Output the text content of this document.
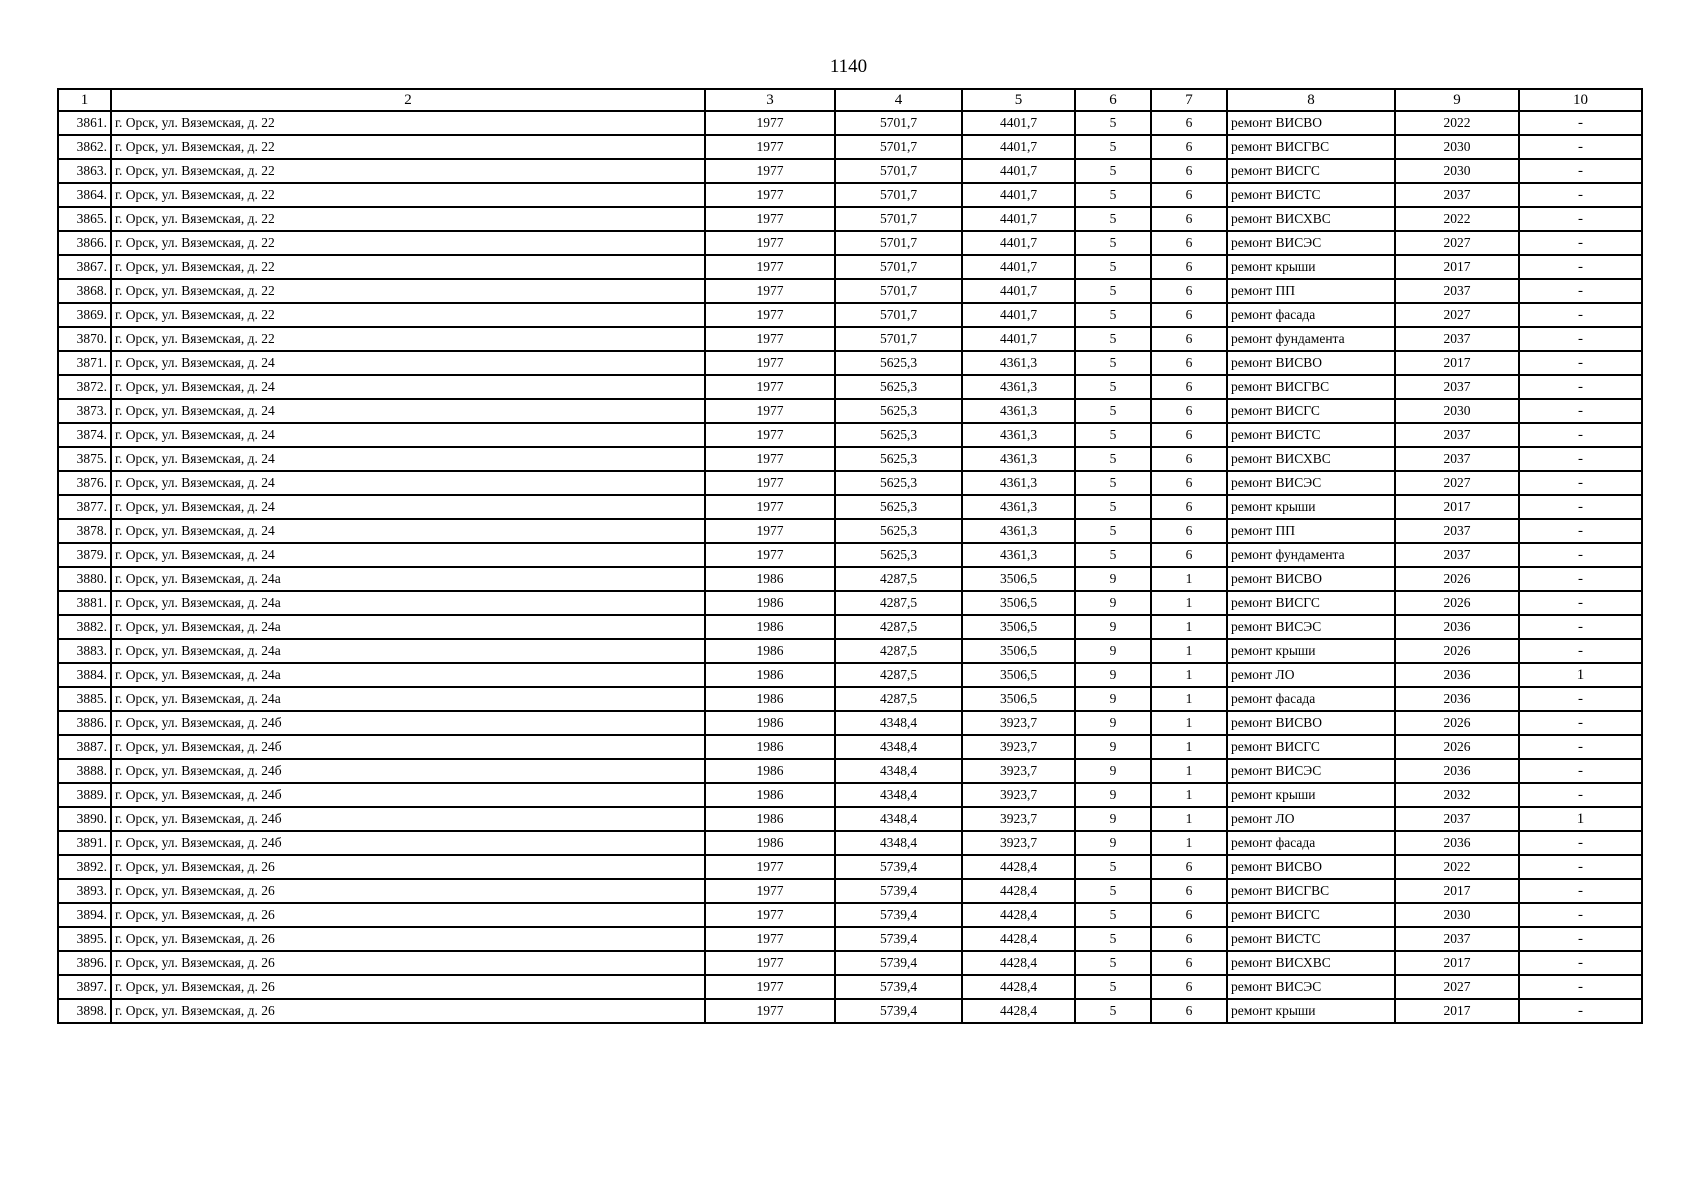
1140
1	2	3	4	5	6	7	8	9	10
3861.	г. Орск, ул. Вяземская, д. 22	1977	5701,7	4401,7	5	6	ремонт ВИСВО	2022	-
3862.	г. Орск, ул. Вяземская, д. 22	1977	5701,7	4401,7	5	6	ремонт ВИСГВС	2030	-
3863.	г. Орск, ул. Вяземская, д. 22	1977	5701,7	4401,7	5	6	ремонт ВИСГС	2030	-
3864.	г. Орск, ул. Вяземская, д. 22	1977	5701,7	4401,7	5	6	ремонт ВИСТС	2037	-
3865.	г. Орск, ул. Вяземская, д. 22	1977	5701,7	4401,7	5	6	ремонт ВИСХВС	2022	-
3866.	г. Орск, ул. Вяземская, д. 22	1977	5701,7	4401,7	5	6	ремонт ВИСЭС	2027	-
3867.	г. Орск, ул. Вяземская, д. 22	1977	5701,7	4401,7	5	6	ремонт крыши	2017	-
3868.	г. Орск, ул. Вяземская, д. 22	1977	5701,7	4401,7	5	6	ремонт ПП	2037	-
3869.	г. Орск, ул. Вяземская, д. 22	1977	5701,7	4401,7	5	6	ремонт фасада	2027	-
3870.	г. Орск, ул. Вяземская, д. 22	1977	5701,7	4401,7	5	6	ремонт фундамента	2037	-
3871.	г. Орск, ул. Вяземская, д. 24	1977	5625,3	4361,3	5	6	ремонт ВИСВО	2017	-
3872.	г. Орск, ул. Вяземская, д. 24	1977	5625,3	4361,3	5	6	ремонт ВИСГВС	2037	-
3873.	г. Орск, ул. Вяземская, д. 24	1977	5625,3	4361,3	5	6	ремонт ВИСГС	2030	-
3874.	г. Орск, ул. Вяземская, д. 24	1977	5625,3	4361,3	5	6	ремонт ВИСТС	2037	-
3875.	г. Орск, ул. Вяземская, д. 24	1977	5625,3	4361,3	5	6	ремонт ВИСХВС	2037	-
3876.	г. Орск, ул. Вяземская, д. 24	1977	5625,3	4361,3	5	6	ремонт ВИСЭС	2027	-
3877.	г. Орск, ул. Вяземская, д. 24	1977	5625,3	4361,3	5	6	ремонт крыши	2017	-
3878.	г. Орск, ул. Вяземская, д. 24	1977	5625,3	4361,3	5	6	ремонт ПП	2037	-
3879.	г. Орск, ул. Вяземская, д. 24	1977	5625,3	4361,3	5	6	ремонт фундамента	2037	-
3880.	г. Орск, ул. Вяземская, д. 24а	1986	4287,5	3506,5	9	1	ремонт ВИСВО	2026	-
3881.	г. Орск, ул. Вяземская, д. 24а	1986	4287,5	3506,5	9	1	ремонт ВИСГС	2026	-
3882.	г. Орск, ул. Вяземская, д. 24а	1986	4287,5	3506,5	9	1	ремонт ВИСЭС	2036	-
3883.	г. Орск, ул. Вяземская, д. 24а	1986	4287,5	3506,5	9	1	ремонт крыши	2026	-
3884.	г. Орск, ул. Вяземская, д. 24а	1986	4287,5	3506,5	9	1	ремонт ЛО	2036	1
3885.	г. Орск, ул. Вяземская, д. 24а	1986	4287,5	3506,5	9	1	ремонт фасада	2036	-
3886.	г. Орск, ул. Вяземская, д. 24б	1986	4348,4	3923,7	9	1	ремонт ВИСВО	2026	-
3887.	г. Орск, ул. Вяземская, д. 24б	1986	4348,4	3923,7	9	1	ремонт ВИСГС	2026	-
3888.	г. Орск, ул. Вяземская, д. 24б	1986	4348,4	3923,7	9	1	ремонт ВИСЭС	2036	-
3889.	г. Орск, ул. Вяземская, д. 24б	1986	4348,4	3923,7	9	1	ремонт крыши	2032	-
3890.	г. Орск, ул. Вяземская, д. 24б	1986	4348,4	3923,7	9	1	ремонт ЛО	2037	1
3891.	г. Орск, ул. Вяземская, д. 24б	1986	4348,4	3923,7	9	1	ремонт фасада	2036	-
3892.	г. Орск, ул. Вяземская, д. 26	1977	5739,4	4428,4	5	6	ремонт ВИСВО	2022	-
3893.	г. Орск, ул. Вяземская, д. 26	1977	5739,4	4428,4	5	6	ремонт ВИСГВС	2017	-
3894.	г. Орск, ул. Вяземская, д. 26	1977	5739,4	4428,4	5	6	ремонт ВИСГС	2030	-
3895.	г. Орск, ул. Вяземская, д. 26	1977	5739,4	4428,4	5	6	ремонт ВИСТС	2037	-
3896.	г. Орск, ул. Вяземская, д. 26	1977	5739,4	4428,4	5	6	ремонт ВИСХВС	2017	-
3897.	г. Орск, ул. Вяземская, д. 26	1977	5739,4	4428,4	5	6	ремонт ВИСЭС	2027	-
3898.	г. Орск, ул. Вяземская, д. 26	1977	5739,4	4428,4	5	6	ремонт крыши	2017	-
